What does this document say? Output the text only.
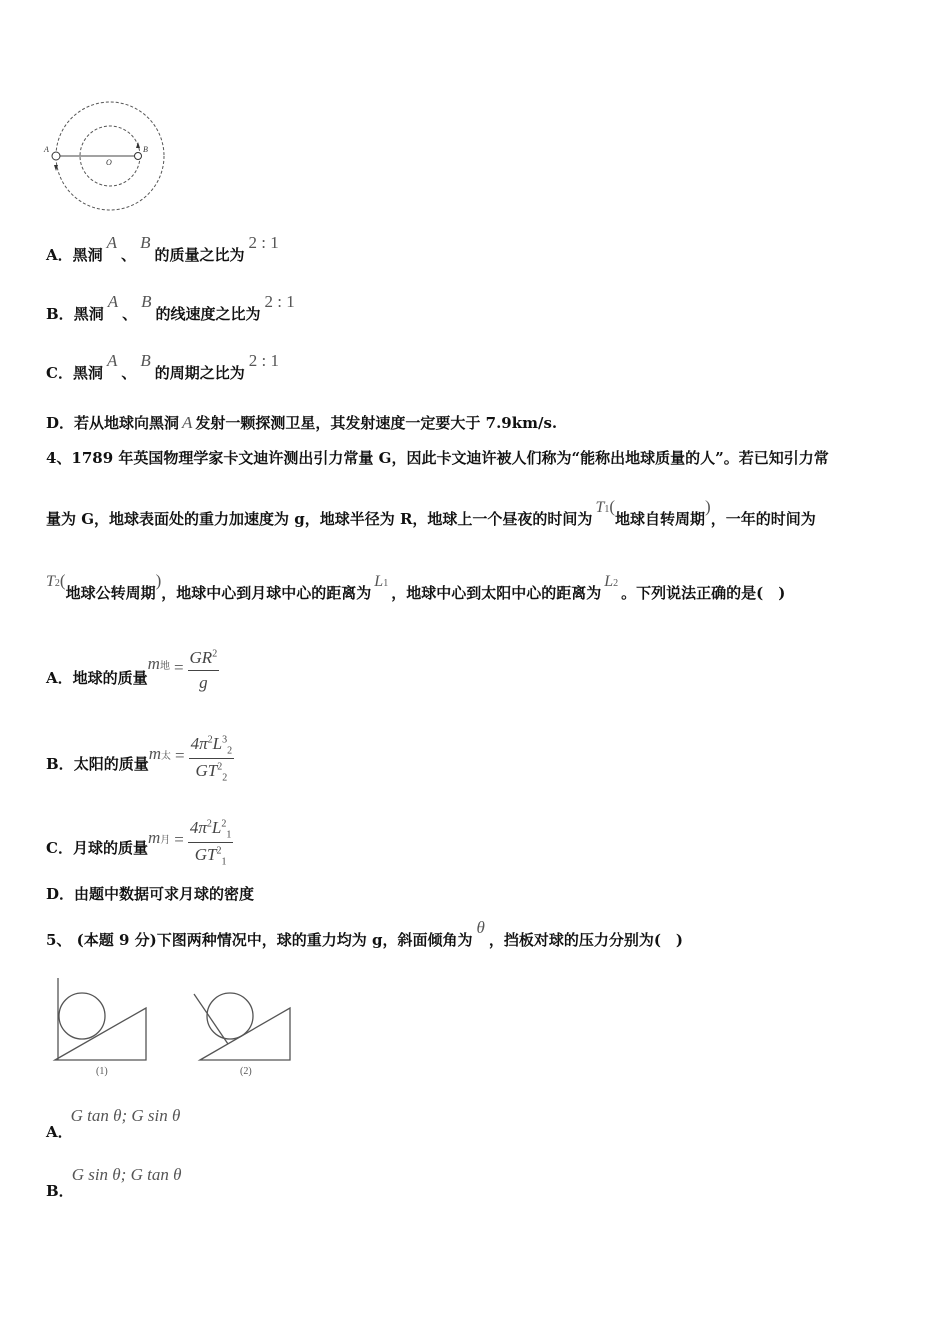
A
O
B
A．黑洞A、B的质量之比为2 : 1
B．黑洞A、B的线速度之比为2 : 1
C．黑洞A、B的周期之比为2 : 1
D．若从地球向黑洞 A 发射一颗探测卫星，其发射速度一定要大于 7.9km/s.
4、1789 年英国物理学家卡文迪许测出引力常量 G，因此卡文迪许被人们称为“能称出地球质量的人”。若已知引力常
量为 G，地球表面处的重力加速度为 g，地球半径为 R，地球上一个昼夜的时间为T1(地球自转周期)，一年的时间为
T2(地球公转周期)，地球中心到月球中心的距离为L1，地球中心到太阳中心的距离为L2。下列说法正确的是(　)
A．地球的质量m地 = $\frac{GR^2}{g}$
B．太阳的质量m太 = $\frac{4\pi^2L^3_2}{GT^2_2}$
C．月球的质量m月 = $\frac{4\pi^2L^2_1}{GT^2_1}$
D．由题中数据可求月球的密度
5、 (本题 9 分)下图两种情况中，球的重力均为 g，斜面倾角为θ，挡板对球的压力分别为(　)
(1)	(2)
A．G tan θ; G sin θ
B．G sin θ; G tan θ
